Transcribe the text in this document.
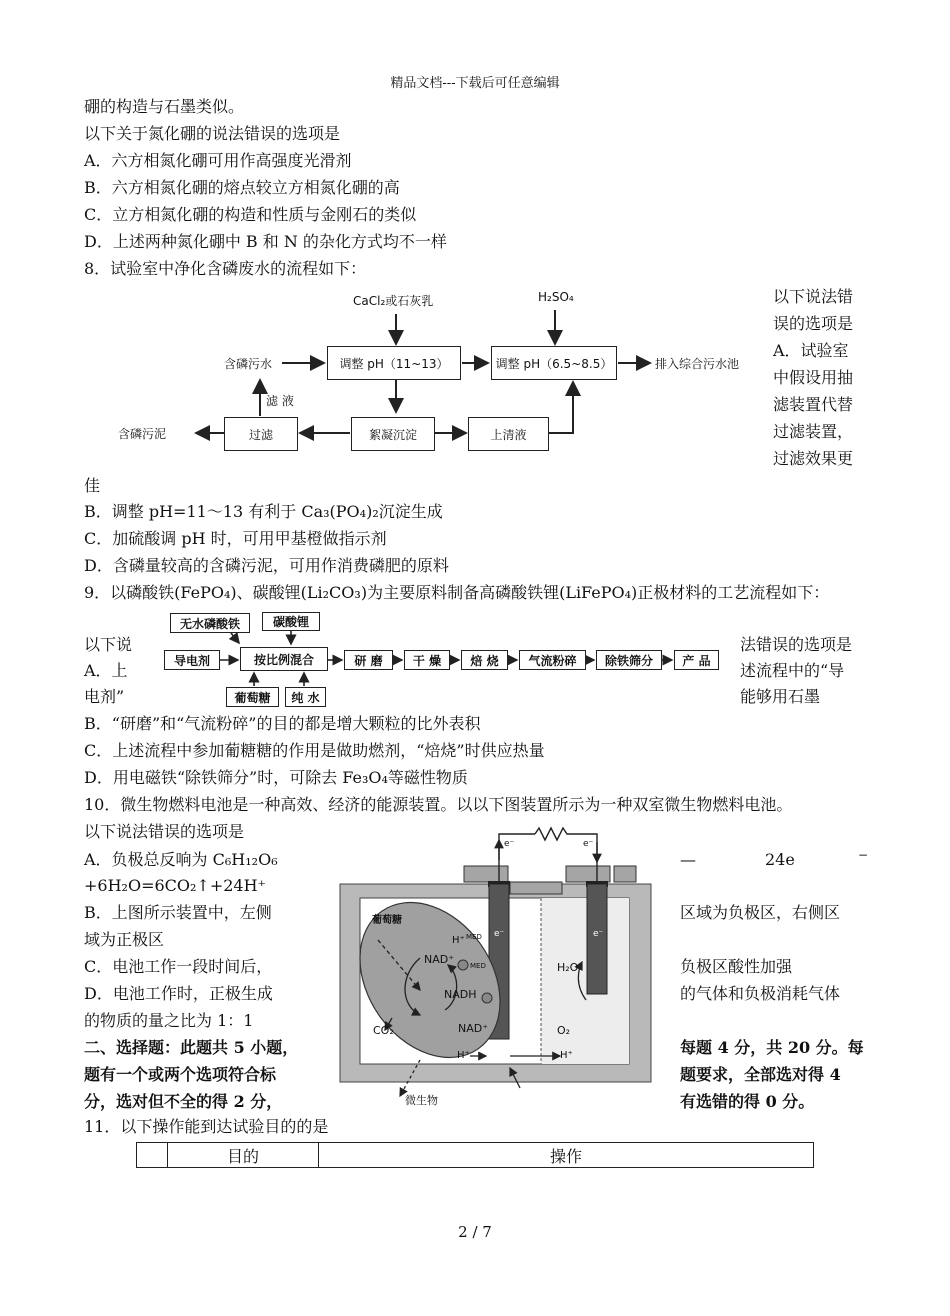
精品文档---下载后可任意编辑
硼的构造与石墨类似。
以下关于氮化硼的说法错误的选项是
A．六方相氮化硼可用作高强度光滑剂
B．六方相氮化硼的熔点较立方相氮化硼的高
C．立方相氮化硼的构造和性质与金刚石的类似
D．上述两种氮化硼中 B 和 N 的杂化方式均不一样
8．试验室中净化含磷废水的流程如下：
CaCl₂或石灰乳	H₂SO₄
含磷污水	调整 pH（11~13）	调整 pH（6.5~8.5）	排入综合污水池
滤 液
含磷污泥	过滤	絮凝沉淀	上清液
以下说法错
误的选项是
A．试验室
中假设用抽
滤装置代替
过滤装置，
过滤效果更
佳
B．调整 pH=11～13 有利于 Ca₃(PO₄)₂沉淀生成
C．加硫酸调 pH 时，可用甲基橙做指示剂
D．含磷量较高的含磷污泥，可用作消费磷肥的原料
9．以磷酸铁(FePO₄)、碳酸锂(Li₂CO₃)为主要原料制备高磷酸铁锂(LiFePO₄)正极材料的工艺流程如下：
无水磷酸铁	碳酸锂
导电剂	按比例混合	研 磨	干 燥	焙 烧	气流粉碎	除铁筛分	产 品
葡萄糖	纯 水
以下说
A．上
电剂”
法错误的选项是
述流程中的“导
能够用石墨
B．“研磨”和“气流粉碎”的目的都是增大颗粒的比外表积
C．上述流程中参加葡糖糖的作用是做助燃剂，“焙烧”时供应热量
D．用电磁铁“除铁筛分”时，可除去 Fe₃O₄等磁性物质
10．微生物燃料电池是一种高效、经济的能源装置。以以下图装置所示为一种双室微生物燃料电池。
以下说法错误的选项是
e⁻	e⁻
e⁻	e⁻
葡萄糖
H⁺ MED
MED
NAD⁺
NADH
NAD⁺
CO₂
H₂O
O₂
H⁺	H⁺
微生物
A．负极总反响为 C₆H₁₂O₆	—	24e	−
+6H₂O=6CO₂↑+24H⁺
B．上图所示装置中，左侧	区域为负极区，右侧区
域为正极区
C．电池工作一段时间后，	负极区酸性加强
D．电池工作时，正极生成	的气体和负极消耗气体
的物质的量之比为 1：1
二、选择题：此题共 5 小题，	每题 4 分，共 20 分。每
题有一个或两个选项符合标	题要求，全部选对得 4
分，选对但不全的得 2 分，	有选错的得 0 分。
11．以下操作能到达试验目的的是
	目的	操作
2 / 7
